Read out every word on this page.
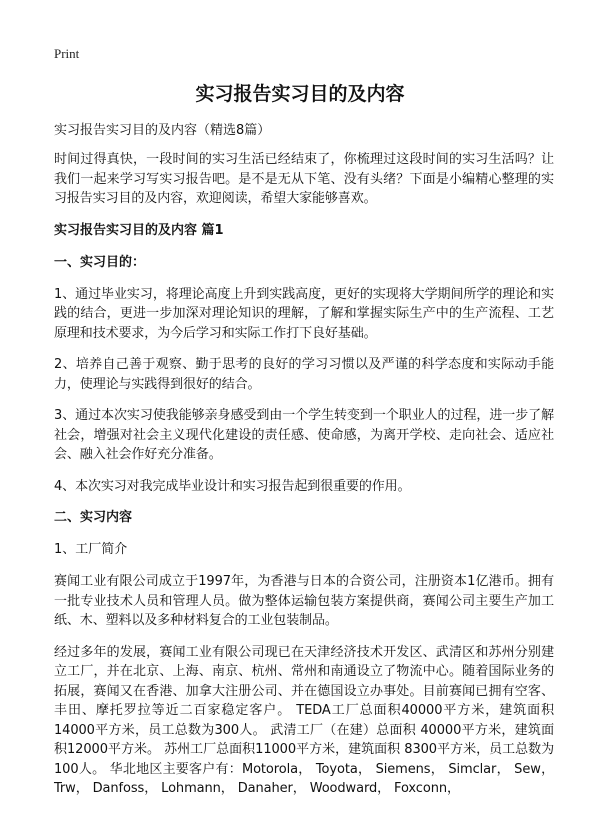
Print
实习报告实习目的及内容

实习报告实习目的及内容（精选8篇）

时间过得真快，一段时间的实习生活已经结束了，你梳理过这段时间的实习生活吗？让我们一起来学习写实习报告吧。是不是无从下笔、没有头绪？下面是小编精心整理的实习报告实习目的及内容，欢迎阅读，希望大家能够喜欢。

实习报告实习目的及内容 篇1
一、实习目的：

1、通过毕业实习，将理论高度上升到实践高度，更好的实现将大学期间所学的理论和实践的结合，更进一步加深对理论知识的理解，了解和掌握实际生产中的生产流程、工艺原理和技术要求，为今后学习和实际工作打下良好基础。

2、培养自己善于观察、勤于思考的良好的学习习惯以及严谨的科学态度和实际动手能力，使理论与实践得到很好的结合。

3、通过本次实习使我能够亲身感受到由一个学生转变到一个职业人的过程，进一步了解社会，增强对社会主义现代化建设的责任感、使命感，为离开学校、走向社会、适应社会、融入社会作好充分准备。

4、本次实习对我完成毕业设计和实习报告起到很重要的作用。

二、实习内容

1、工厂简介

赛闻工业有限公司成立于1997年，为香港与日本的合资公司，注册资本1亿港币。拥有一批专业技术人员和管理人员。做为整体运输包装方案提供商，赛闻公司主要生产加工纸、木、塑料以及多种材料复合的工业包装制品。

经过多年的发展，赛闻工业有限公司现已在天津经济技术开发区、武清区和苏州分别建立工厂，并在北京、上海、南京、杭州、常州和南通设立了物流中心。随着国际业务的拓展，赛闻又在香港、加拿大注册公司、并在德国设立办事处。目前赛闻已拥有空客、丰田、摩托罗拉等近二百家稳定客户。 TEDA工厂总面积40000平方米，建筑面积14000平方米，员工总数为300人。 武清工厂（在建）总面积 40000平方米，建筑面积12000平方米。 苏州工厂总面积11000平方米，建筑面积 8300平方米，员工总数为100人。 华北地区主要客户有：Motorola， Toyota， Siemens， Simclar， Sew， Trw， Danfoss， Lohmann， Danaher， Woodward， Foxconn，
